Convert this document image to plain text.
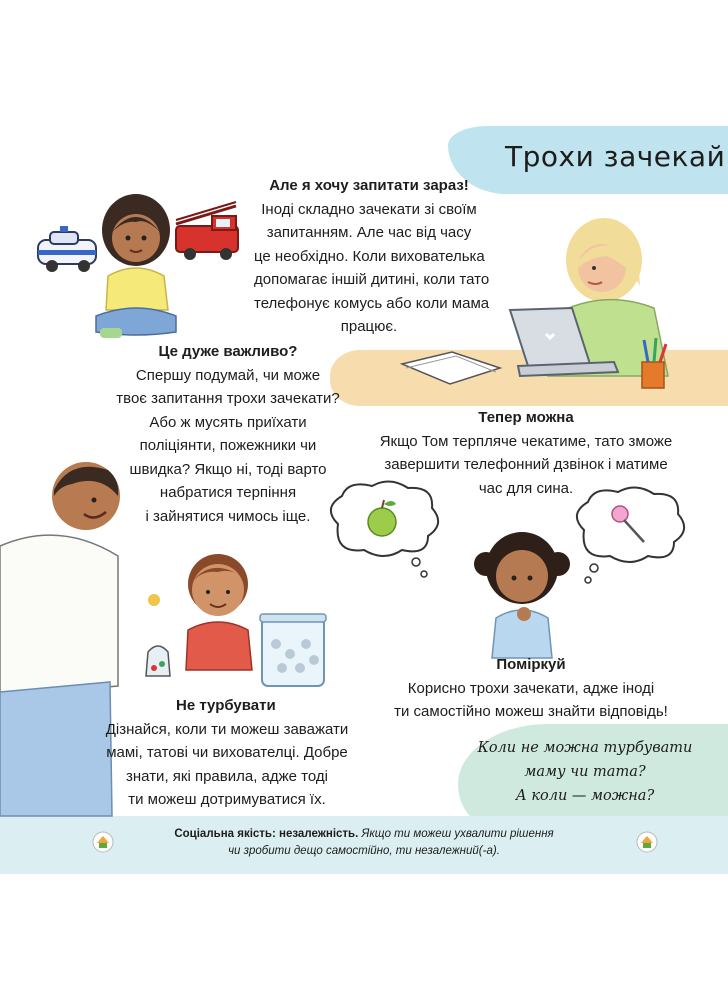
Трохи зачекай
Але я хочу запитати зараз!
Іноді складно зачекати зі своїм
запитанням. Але час від часу
це необхідно. Коли вихователька
допомагає іншій дитині, коли тато
телефонує комусь або коли мама
працює.
Це дуже важливо?
Спершу подумай, чи може
твоє запитання трохи зачекати?
Або ж мусять приїхати
поліціянти, пожежники чи
швидка? Якщо ні, тоді варто
набратися терпіння
і зайнятися чимось іще.
Тепер можна
Якщо Том терпляче чекатиме, тато зможе
завершити телефонний дзвінок і матиме
час для сина.
Поміркуй
Корисно трохи зачекати, адже іноді
ти самостійно можеш знайти відповідь!
Не турбувати
Дізнайся, коли ти можеш заважати
мамі, татові чи вихователці. Добре
знати, які правила, адже тоді
ти можеш дотримуватися їх.
Коли не можна турбувати
маму чи тата?
А коли — можна?
Соціальна якість: незалежність. Якщо ти можеш ухвалити рішення
чи зробити дещо самостійно, ти незалежний(-а).
